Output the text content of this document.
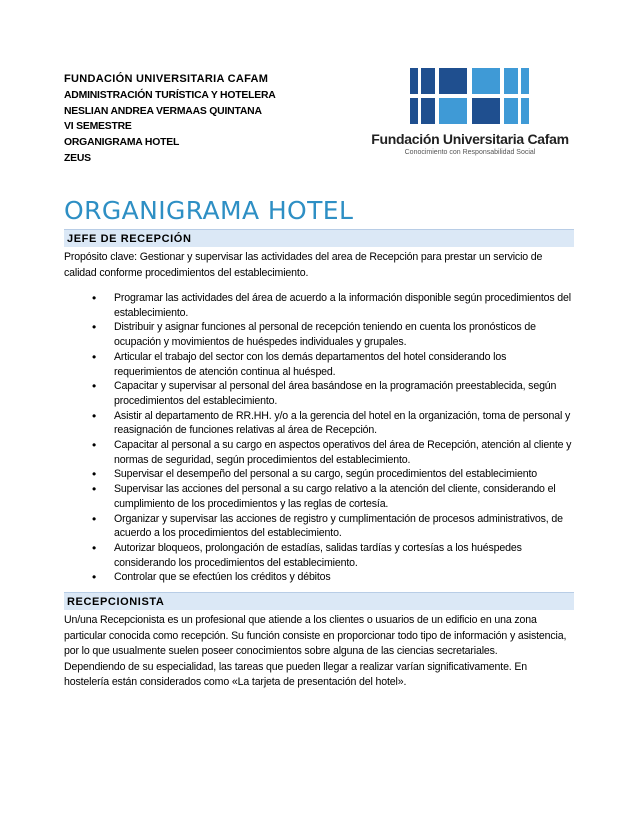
FUNDACIÓN UNIVERSITARIA CAFAM
ADMINISTRACIÓN TURÍSTICA Y HOTELERA
NESLIAN ANDREA VERMAAS QUINTANA
VI SEMESTRE
ORGANIGRAMA HOTEL
ZEUS
Fundación Universitaria Cafam
Conocimiento con Responsabilidad Social
ORGANIGRAMA HOTEL
JEFE DE RECEPCIÓN
Propósito clave: Gestionar y supervisar las actividades del area de Recepción para prestar un servicio de calidad conforme procedimientos del establecimiento.
• Programar las actividades del área de acuerdo a la información disponible según procedimientos del establecimiento.
• Distribuir y asignar funciones al personal de recepción teniendo en cuenta los pronósticos de ocupación y movimientos de huéspedes individuales y grupales.
• Articular el trabajo del sector con los demás departamentos del hotel considerando los requerimientos de atención continua al huésped.
• Capacitar y supervisar al personal del área basándose en la programación preestablecida, según procedimientos del establecimiento.
• Asistir al departamento de RR.HH. y/o a la gerencia del hotel en la organización, toma de personal y reasignación de funciones relativas al área de Recepción.
• Capacitar al personal a su cargo en aspectos operativos del área de Recepción, atención al cliente y normas de seguridad, según procedimientos del establecimiento.
• Supervisar el desempeño del personal a su cargo, según procedimientos del establecimiento
• Supervisar las acciones del personal a su cargo relativo a la atención del cliente, considerando el cumplimiento de los procedimientos y las reglas de cortesía.
• Organizar y supervisar las acciones de registro y cumplimentación de procesos administrativos, de acuerdo a los procedimientos del establecimiento.
• Autorizar bloqueos, prolongación de estadías, salidas tardías y cortesías a los huéspedes considerando los procedimientos del establecimiento.
• Controlar que se efectúen los créditos y débitos
RECEPCIONISTA
Un/una Recepcionista es un profesional que atiende a los clientes o usuarios de un edificio en una zona particular conocida como recepción. Su función consiste en proporcionar todo tipo de información y asistencia, por lo que usualmente suelen poseer conocimientos sobre alguna de las ciencias secretariales.
Dependiendo de su especialidad, las tareas que pueden llegar a realizar varían significativamente. En hostelería están considerados como «La tarjeta de presentación del hotel».
